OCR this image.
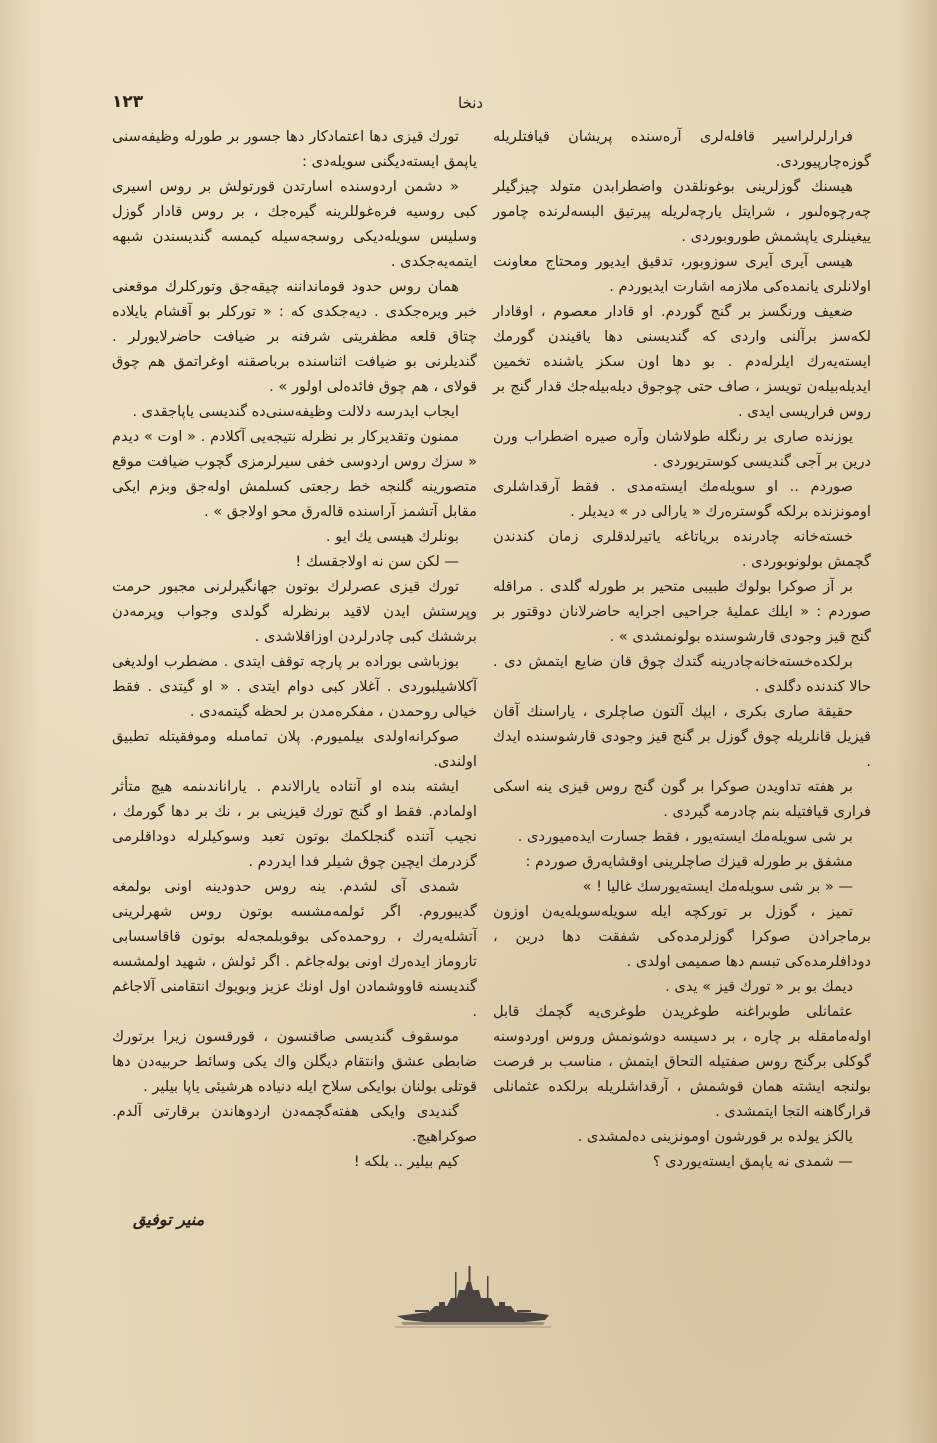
١٢٣	دنخا

فرارلرلراسير قافلەلرى آرەسندە پريشان قيافتلريلە گوزه‌چارپيوردى.

هيسنك گوزلرينى بوغونلقدن واضطرابدن متولد چيزگيلر چەرچوەلىور ، شرايتل يارچەلريلە پيرتيق البسەلرندە چامور ييغينلرى ياپشمش طوروبوردى .

هيسى آيرى آيرى سوزوبور، تدقيق ايديور ومحتاج معاونت اولانلرى يانمدەكى ملازمە اشارت ايديوردم .

ضعيف ورنگسز بر گنج گوردم. او قادار معصوم ، اوقادار لكەسز برآلنى واردى كە گنديسنى دها ياقيندن گورمك ايستەيەرك ايلرلەدم . بو دها اون سكز ياشندە تخمين ايديلەبيلەن تويسز ، صاف حتى چوجوق ديلەبيلەجك قدار گنج بر روس فراريسى ايدى .

يوزندە صارى بر رنگلە طولاشان وآره صيره اضطراب ورن درين بر آجى گنديسى كوستريوردى .

صوردم .. او سويلەمك ايستەمدى . فقط آرقداشلرى اومونزندە برلكە گوسترەرك « يارالى در » ديديلر .

خستەخانە چادرندە برياتاغە ياتيرلدقلرى زمان كندندن گچمش بولونوبوردى .

بر آز صوكرا بولوك طبيبى متحير بر طورلە گلدى . مراقلە صوردم : « ايلك عمليۀ جراحيى اجرايە حاضرلانان دوقتور بر گنج قيز وجودى قارشوسندە بولونمشدى » .

برلكدەخستەخانەچادرينە گتدك چوق قان ضايع ايتمش دى . حالا كندندە دگلدى .

حقيقة صارى بكرى ، ايپك آلتون صاچلرى ، ياراسنك آقان قيزيل قانلريلە چوق گوزل بر گنج قيز وجودى قارشوسندە ايدك .

بر هفتە تداويدن صوكرا بر گون گنج روس قيزى ينە اسكى فرارى قيافتيلە بنم چادرمە گيردى .

بر شى سويلەمك ايستەيور ، فقط جسارت ايدەميوردى .

مشفق بر طورلە قيزك صاچلرينى اوقشايەرق صوردم :

— « بر شى سويلەمك ايستەيورسك غاليا ! »

تميز ، گوزل بر توركچە ايلە سويلەسويلەيەن اوزون برماجرادن صوكرا گوزلرمدەكى شفقت دها درين ، دودافلرمدەكى تبسم دها صميمى اولدى .

ديمك بو بر « تورك قيز » يدى .

عثمانلى طوبراغنە طوغريدن طوغرى‌يە گچمك قابل اولەمامقلە بر چارە ، بر دسيسە دوشونمش وروس اوردوسنە گوكلى برگنج روس صفتيلە التحاق ايتمش ، مناسب بر فرصت بولنجە ايشتە همان قوشمش ، آرقداشلريلە برلكدە عثمانلى قرارگاهنە التجا ايتمشدى .

يالكز يولدە بر قورشون اومونزينى دەلمشدى .

— شمدى نە ياپمق ايستەيوردى ؟

تورك قيزى دها اعتمادكار دها جسور بر طورلە وظيفەسنى ياپمق ايستەديگنى سويلەدى :

« دشمن اردوسندە اسارتدن قورتولش بر روس اسيرى كبى روسيە فرەغوللرينە گيرەجك ، بر روس قادار گوزل وسليس سويلەديكى روسجەسيلە كيمسە گنديسندن شبهە ايتمەيەجكدى .

همان روس حدود قومانداننە چيقەجق وتوركلرك موقعنى خبر ويرەجكدى . ديەجكدى كە : « توركلر بو آقشام يايلادە چتاق قلعە مظفريتى شرفنە بر ضيافت حاضرلايورلر . گنديلرنى بو ضيافت اثناسندە برباصقنە اوغراتمق هم چوق قولاى ، هم چوق فائدەلى اولور » .

ايجاب ايدرسە دلالت وظيفەسنى‌دە گنديسى ياپاجقدى .

ممنون وتقديركار بر نظرلە نتيجەيى آكلادم . « اوت » ديدم « سزك روس اردوسى خفى سيرلرمزى گچوب ضيافت موقع متصورينە گلنجە خط رجعتى كسلمش اولەجق وبزم ايكى مقابل آتشمز آراسندە قالەرق محو اولاجق » .

بونلرك هيسى يك ايو .

— لكن سن نە اولاجقسك !

تورك قيزى عصرلرك بوتون جهانگيرلرنى مجبور حرمت وپرستش ايدن لاقيد برنظرلە گولدى وجواب وپرمەدن برششك كبى چادرلردن اوزاقلاشدى .

بوزباشى بوراده بر پارچە توقف ايتدى . مضطرب اولديغى آكلاشيلبوردى . آغلار كبى دوام ايتدى . « او گيتدى . فقط خيالى روحمدن ، مفكرەمدن بر لحظە گيتمەدى .

صوكرانەاولدى بيلميورم. پلان تمامىلە وموفقيتلە تطبيق اولندى.

ايشتە بندە او آنتادە يارالاندم . ياراناندىنمە هيچ متأثر اولمادم. فقط او گنج تورك قيزينى بر ، نك بر دها گورمك ، نجيب آتندە گنجلكمك بوتون تعبد وسوكيلرلە دوداقلرمى گزدرمك ايچين چوق شيلر فدا ايدردم .

شمدى آى لشدم. ينە روس حدودينە اونى بولمغە گديبوروم. اگر ئولمەمشسە بوتون روس شهرلرينى آتشلەيەرك ، روحمدەكى بوقوبلمجەلە بوتون قاقاسسابى تاروماز ايدەرك اونى بولەجاغم . اگر ئولش ، شهيد اولمشسە گنديسنە قاووشمادن اول اونك عزيز وبويوك انتقامنى آلاجاغم .

موسقوف گنديسى صاقنسون ، قورقسون زيرا برتورك ضابطى عشق وانتقام ديگلن واك يكى وسائط حربيەدن دها قوتلى بولنان بوايكى سلاح ايلە دنيادە هرشيئى ياپا بيلير .

گنديدى وايكى هفتەگچمەدن اردوهاندن برقارتى آلدم. صوكراهيچ.

كيم بيلير .. بلكە !

منير توفيق
